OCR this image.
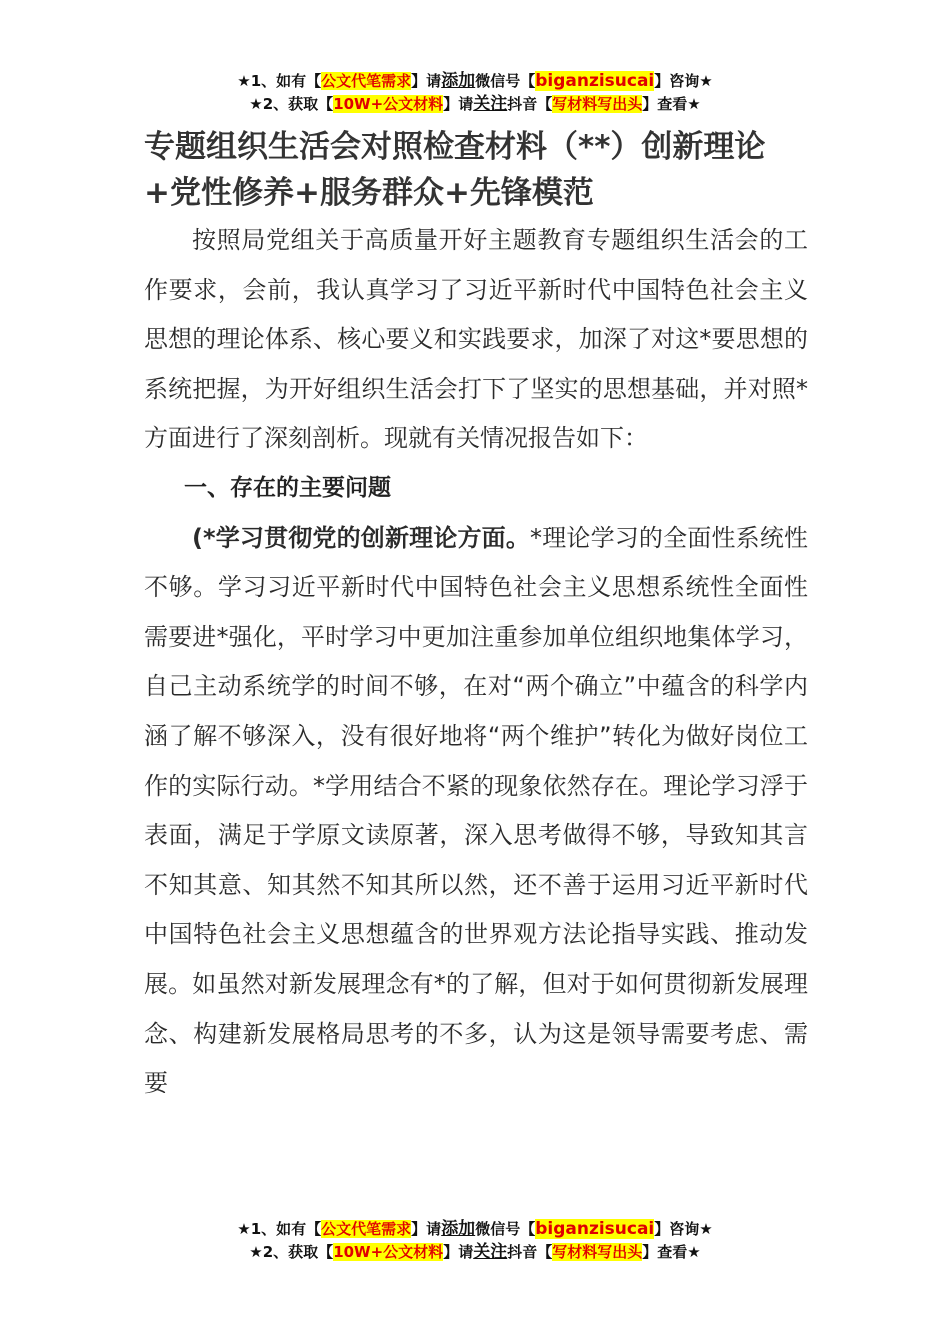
★1、如有【公文代笔需求】请添加微信号【biganzisucai】咨询★
★2、获取【10W+公文材料】请关注抖音【写材料写出头】查看★
专题组织生活会对照检查材料（**）创新理论+党性修养+服务群众+先锋模范

按照局党组关于高质量开好主题教育专题组织生活会的工作要求，会前，我认真学习了习近平新时代中国特色社会主义思想的理论体系、核心要义和实践要求，加深了对这*要思想的系统把握，为开好组织生活会打下了坚实的思想基础，并对照*方面进行了深刻剖析。现就有关情况报告如下：

一、存在的主要问题

(*学习贯彻党的创新理论方面。*理论学习的全面性系统性不够。学习习近平新时代中国特色社会主义思想系统性全面性需要进*强化，平时学习中更加注重参加单位组织地集体学习，自己主动系统学的时间不够，在对“两个确立”中蕴含的科学内涵了解不够深入，没有很好地将“两个维护”转化为做好岗位工作的实际行动。*学用结合不紧的现象依然存在。理论学习浮于表面，满足于学原文读原著，深入思考做得不够，导致知其言不知其意、知其然不知其所以然，还不善于运用习近平新时代中国特色社会主义思想蕴含的世界观方法论指导实践、推动发展。如虽然对新发展理念有*的了解，但对于如何贯彻新发展理念、构建新发展格局思考的不多，认为这是领导需要考虑、需要

★1、如有【公文代笔需求】请添加微信号【biganzisucai】咨询★
★2、获取【10W+公文材料】请关注抖音【写材料写出头】查看★
